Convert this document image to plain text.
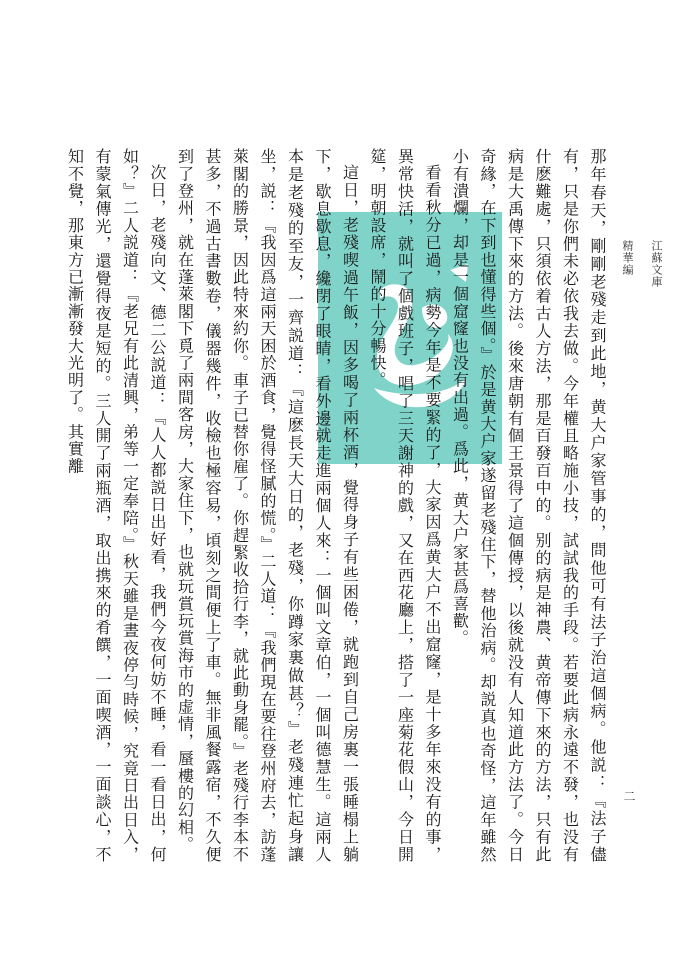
江蘇文庫
精華編

那年春天，剛剛老殘走到此地，黄大户家管事的，問他可有法子治這個病。他説：『法子儘有，只是你們未必依我去做。今年權且略施小技，試試我的手段。若要此病永遠不發，也没有什麽難處，只須依着古人方法，那是百發百中的。别的病是神農、黄帝傳下來的方法，只有此病是大禹傳下來的方法。後來唐朝有個王景得了這個傳授，以後就没有人知道此方法了。今日奇緣，在下到也懂得些個。』於是黄大户家遂留老殘住下，替他治病。却説真也奇怪，這年雖然小有潰爛，却是一個窟窿也没有出過。爲此，黄大户家甚爲喜歡。

看看秋分已過，病勢今年是不要緊的了，大家因爲黄大户不出窟窿，是十多年來没有的事，異常快活，就叫了個戲班子，唱了三天謝神的戲，又在西花廳上，搭了一座菊花假山，今日開筵，明朝設席，鬧的十分暢快。

這日，老殘喫過午飯，因多喝了兩杯酒，覺得身子有些困倦，就跑到自己房裏一張睡榻上躺下，歇息歇息，纔閉了眼睛，看外邊就走進兩個人來：一個叫文章伯，一個叫德慧生。這兩人本是老殘的至友，一齊説道：『這麽長天大日的，老殘，你蹲家裏做甚？』老殘連忙起身讓坐，説：『我因爲這兩天困於酒食，覺得怪膩的慌。』二人道：『我們現在要往登州府去，訪蓬萊閣的勝景，因此特來約你。車子已替你雇了。你趕緊收拾行李，就此動身罷。』老殘行李本不甚多，不過古書數卷，儀器幾件，收檢也極容易，頃刻之間便上了車。無非風餐露宿，不久便到了登州，就在蓬萊閣下覓了兩間客房，大家住下，也就玩賞玩賞海市的虚情，蜃樓的幻相。

次日，老殘向文、德二公説道：『人人都説日出好看，我們今夜何妨不睡，看一看日出，何如？』二人説道：『老兄有此清興，弟等一定奉陪。』秋天雖是晝夜停勻時候，究竟日出日入，有蒙氣傳光，還覺得夜是短的。三人開了兩瓶酒，取出携來的肴饌，一面喫酒，一面談心，不知不覺，那東方已漸漸發大光明了。其實離

二
